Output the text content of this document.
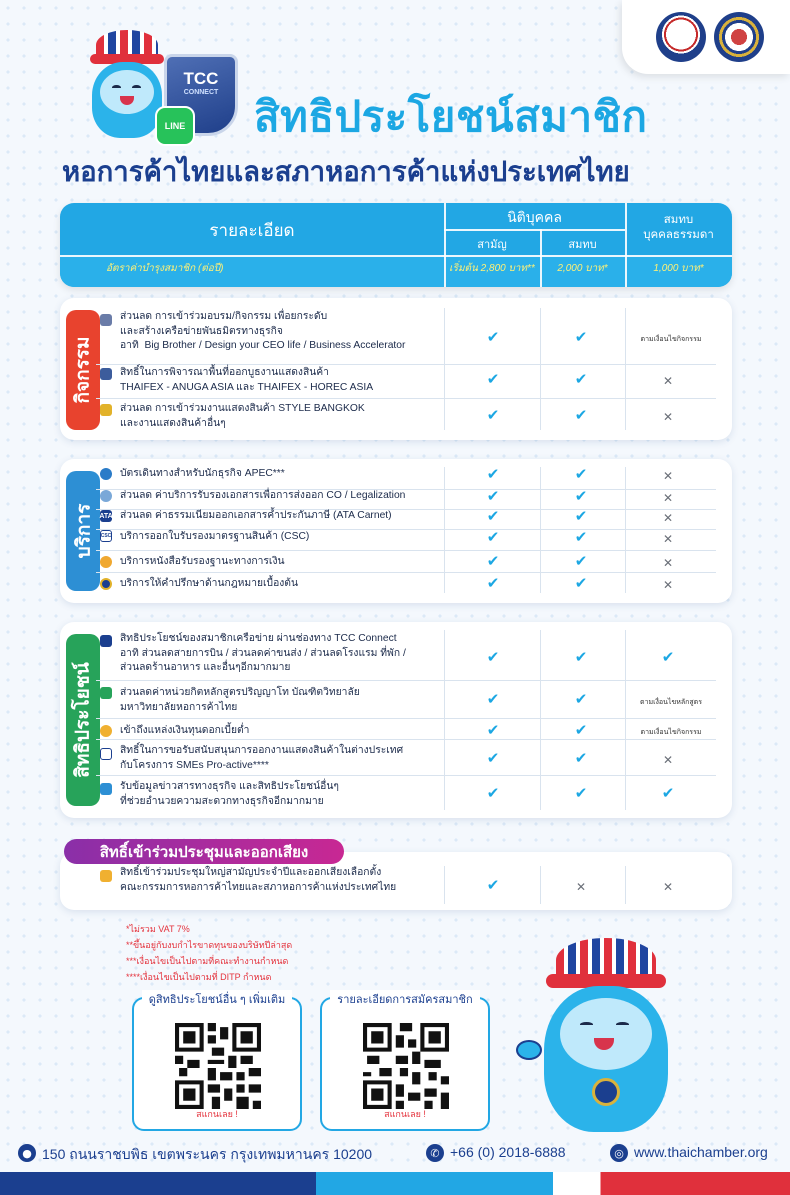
TCC
CONNECT
LINE สิทธิประโยชน์สมาชิก
หอการค้าไทยและสภาหอการค้าแห่งประเทศไทย
รายละเอียด
นิติบุคคล
สามัญ	สมทบ
สมทบ
บุคคลธรรมดา
อัตราค่าบำรุงสมาชิก (ต่อปี)	เริ่มต้น 2,800 บาท**	2,000 บาท*	1,000 บาท*
กิจกรรม
ส่วนลด การเข้าร่วมอบรม/กิจกรรม เพื่อยกระดับ
และสร้างเครือข่ายพันธมิตรทางธุรกิจ
อาทิ  Big Brother / Design your CEO life / Business Accelerator	✔	✔	ตามเงื่อนไขกิจกรรม
สิทธิ์ในการพิจารณาพื้นที่ออกบูธงานแสดงสินค้า
THAIFEX - ANUGA ASIA และ THAIFEX - HOREC ASIA	✔	✔	✕
ส่วนลด การเข้าร่วมงานแสดงสินค้า STYLE BANGKOK
และงานแสดงสินค้าอื่นๆ	✔	✔	✕
บริการ
บัตรเดินทางสำหรับนักธุรกิจ APEC***	✔	✔	✕
ส่วนลด ค่าบริการรับรองเอกสารเพื่อการส่งออก CO / Legalization	✔	✔	✕
ATA ส่วนลด ค่าธรรมเนียมออกเอกสารค้ำประกันภาษี (ATA Carnet)	✔	✔	✕
CSC บริการออกใบรับรองมาตรฐานสินค้า (CSC)	✔	✔	✕
บริการหนังสือรับรองฐานะทางการเงิน	✔	✔	✕
บริการให้คำปรึกษาด้านกฎหมายเบื้องต้น	✔	✔	✕
สิทธิประโยชน์
สิทธิประโยชน์ของสมาชิกเครือข่าย ผ่านช่องทาง TCC Connect
อาทิ ส่วนลดสายการบิน / ส่วนลดค่าขนส่ง / ส่วนลดโรงแรม ที่พัก /
ส่วนลดร้านอาหาร และอื่นๆอีกมากมาย
✔	✔	✔
ส่วนลดค่าหน่วยกิตหลักสูตรปริญญาโท บัณฑิตวิทยาลัย
มหาวิทยาลัยหอการค้าไทย	✔	✔	ตามเงื่อนไขหลักสูตร
เข้าถึงแหล่งเงินทุนดอกเบี้ยต่ำ	✔	✔	ตามเงื่อนไขกิจกรรม
สิทธิ์ในการขอรับสนับสนุนการออกงานแสดงสินค้าในต่างประเทศ
กับโครงการ SMEs Pro-active****	✔	✔	✕
รับข้อมูลข่าวสารทางธุรกิจ และสิทธิประโยชน์อื่นๆ
ที่ช่วยอำนวยความสะดวกทางธุรกิจอีกมากมาย	✔	✔	✔
สิทธิ์เข้าร่วมประชุมและออกเสียง
สิทธิ์เข้าร่วมประชุมใหญ่สามัญประจำปีและออกเสียงเลือกตั้ง
คณะกรรมการหอการค้าไทยและสภาหอการค้าแห่งประเทศไทย	✔	✕	✕
*ไม่รวม VAT 7%
**ขึ้นอยู่กับงบกำไรขาดทุนของบริษัทปีล่าสุด
***เงื่อนไขเป็นไปตามที่คณะทำงานกำหนด
****เงื่อนไขเป็นไปตามที่ DITP กำหนด
ดูสิทธิประโยชน์อื่น ๆ เพิ่มเติม
สแกนเลย !
รายละเอียดการสมัครสมาชิก
สแกนเลย !
● 150 ถนนราชบพิธ เขตพระนคร กรุงเทพมหานคร 10200	✆ +66 (0) 2018-6888	◎ www.thaichamber.org
